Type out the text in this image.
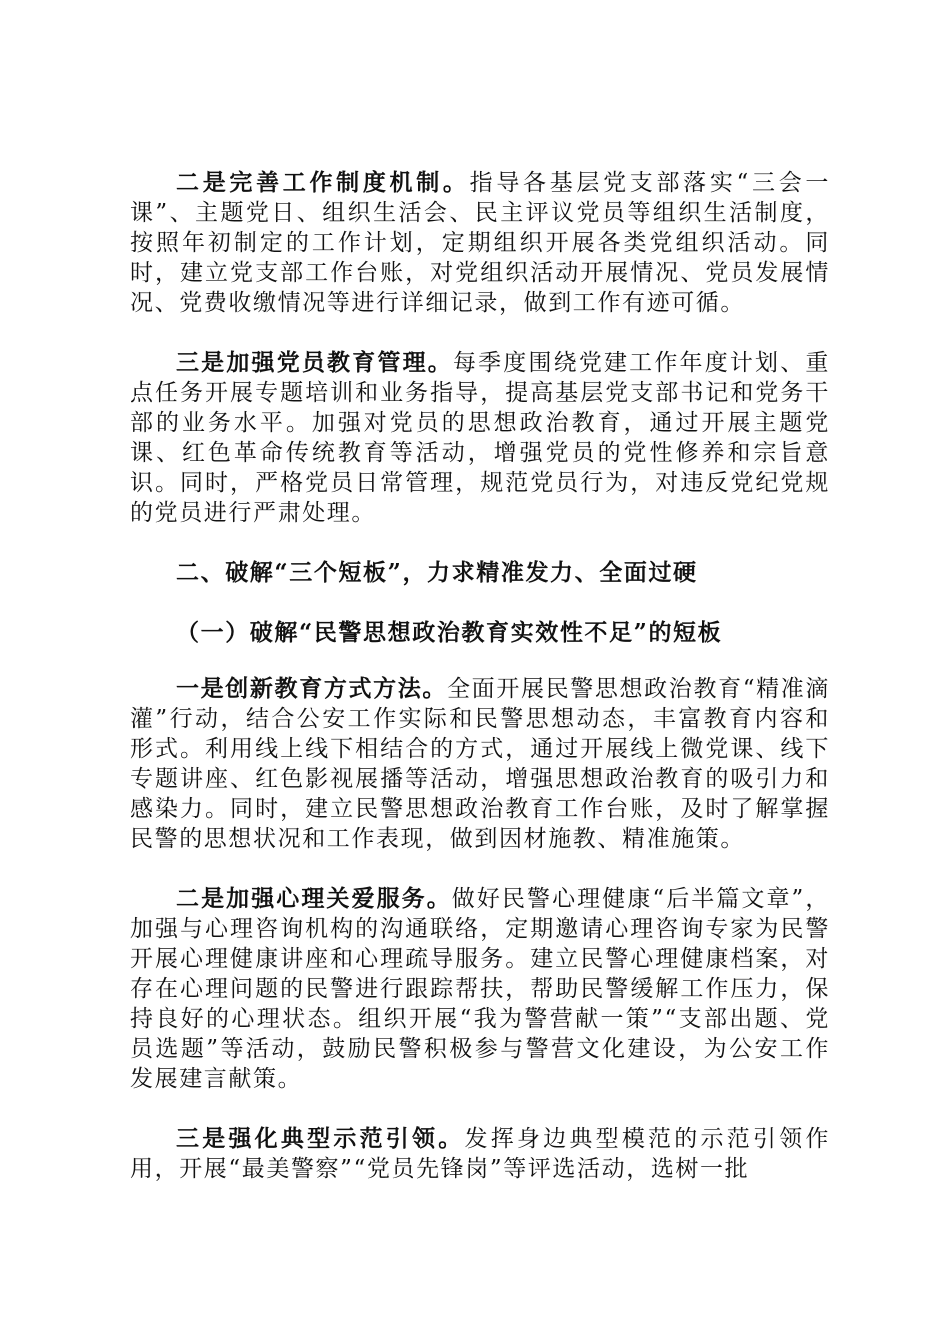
二是完善工作制度机制。指导各基层党支部落实“三会一课”、主题党日、组织生活会、民主评议党员等组织生活制度，按照年初制定的工作计划，定期组织开展各类党组织活动。同时，建立党支部工作台账，对党组织活动开展情况、党员发展情况、党费收缴情况等进行详细记录，做到工作有迹可循。

三是加强党员教育管理。每季度围绕党建工作年度计划、重点任务开展专题培训和业务指导，提高基层党支部书记和党务干部的业务水平。加强对党员的思想政治教育，通过开展主题党课、红色革命传统教育等活动，增强党员的党性修养和宗旨意识。同时，严格党员日常管理，规范党员行为，对违反党纪党规的党员进行严肃处理。

二、破解“三个短板”，力求精准发力、全面过硬

（一）破解“民警思想政治教育实效性不足”的短板

一是创新教育方式方法。全面开展民警思想政治教育“精准滴灌”行动，结合公安工作实际和民警思想动态，丰富教育内容和形式。利用线上线下相结合的方式，通过开展线上微党课、线下专题讲座、红色影视展播等活动，增强思想政治教育的吸引力和感染力。同时，建立民警思想政治教育工作台账，及时了解掌握民警的思想状况和工作表现，做到因材施教、精准施策。

二是加强心理关爱服务。做好民警心理健康“后半篇文章”，加强与心理咨询机构的沟通联络，定期邀请心理咨询专家为民警开展心理健康讲座和心理疏导服务。建立民警心理健康档案，对存在心理问题的民警进行跟踪帮扶，帮助民警缓解工作压力，保持良好的心理状态。组织开展“我为警营献一策”“支部出题、党员选题”等活动，鼓励民警积极参与警营文化建设，为公安工作发展建言献策。

三是强化典型示范引领。发挥身边典型模范的示范引领作用，开展“最美警察”“党员先锋岗”等评选活动，选树一批
